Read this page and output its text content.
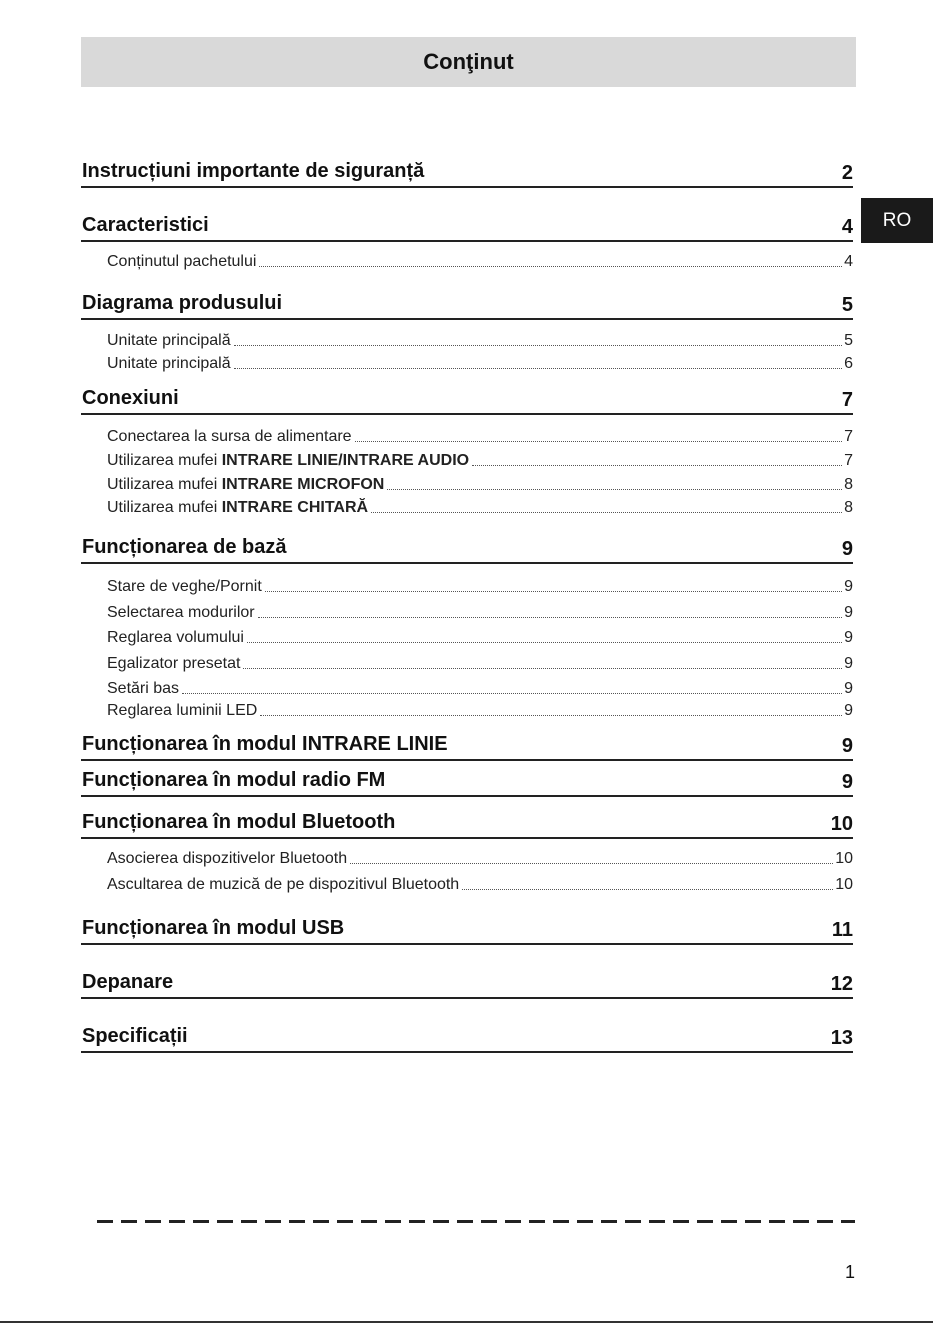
Conţinut
RO
Instrucțiuni importante de siguranță	2
Caracteristici	4
Conținutul pachetului	4
Diagrama produsului	5
Unitate principală	5
Unitate principală	6
Conexiuni	7
Conectarea la sursa de alimentare	7
Utilizarea mufei INTRARE LINIE/INTRARE AUDIO	7
Utilizarea mufei INTRARE MICROFON	8
Utilizarea mufei INTRARE CHITARĂ	8
Funcționarea de bază	9
Stare de veghe/Pornit	9
Selectarea modurilor	9
Reglarea volumului	9
Egalizator presetat	9
Setări bas	9
Reglarea luminii LED	9
Funcționarea în modul INTRARE LINIE	9
Funcționarea în modul radio FM	9
Funcționarea în modul Bluetooth	10
Asocierea dispozitivelor Bluetooth	10
Ascultarea de muzică de pe dispozitivul Bluetooth	10
Funcționarea în modul USB	11
Depanare	12
Specificații	13
1
